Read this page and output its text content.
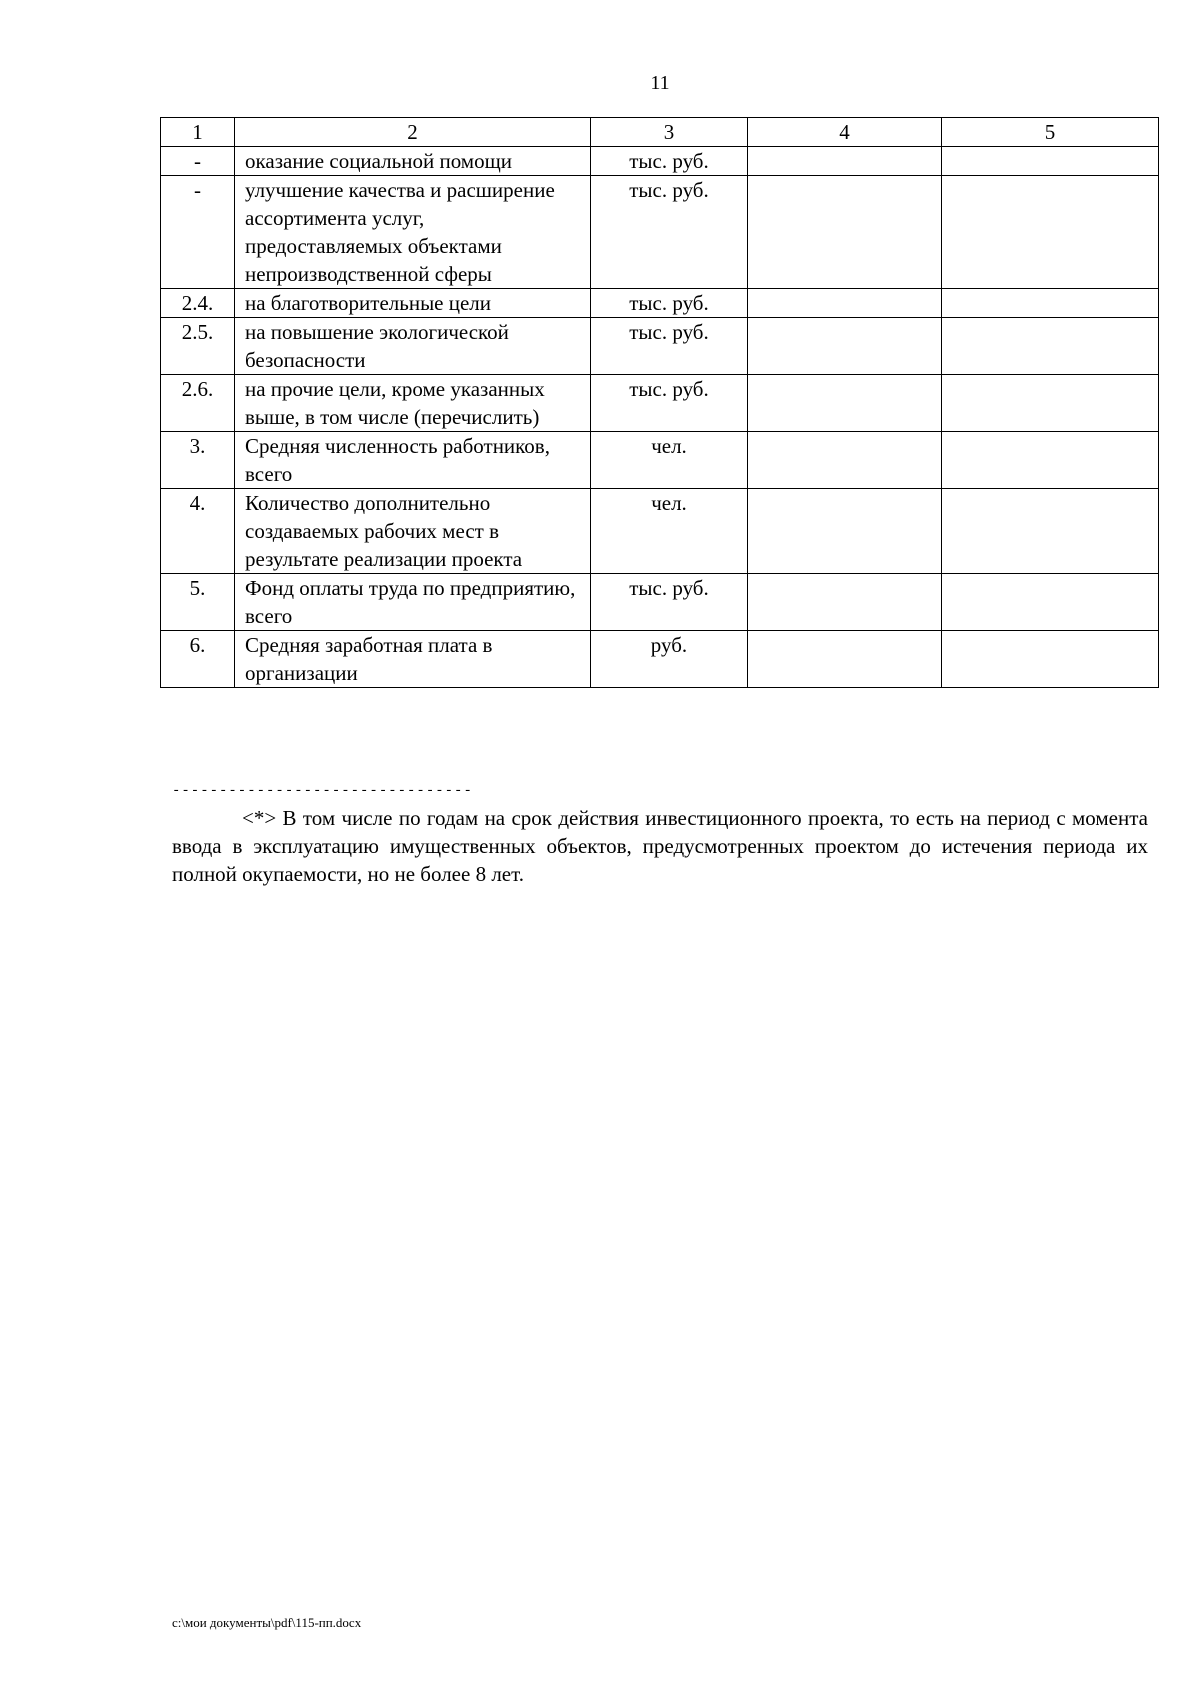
11
1	2	3	4	5
-	оказание социальной помощи	тыс. руб.		
-	улучшение качества и расширение ассортимента услуг, предоставляемых объектами непроизводственной сферы	тыс. руб.		
2.4.	на благотворительные цели	тыс. руб.		
2.5.	на повышение экологической безопасности	тыс. руб.		
2.6.	на прочие цели, кроме указанных выше, в том числе (перечислить)	тыс. руб.		
3.	Средняя численность работников, всего	чел.		
4.	Количество дополнительно создаваемых рабочих мест в результате реализации проекта	чел.		
5.	Фонд оплаты труда по предприятию, всего	тыс. руб.		
6.	Средняя заработная плата в организации	руб.		
--------------------------------

<*> В том числе по годам на срок действия инвестиционного проекта, то есть на период с момента ввода в эксплуатацию имущественных объектов, предусмотренных проектом до истечения периода их полной окупаемости, но не более 8 лет.

c:\мои документы\pdf\115-пп.docx
